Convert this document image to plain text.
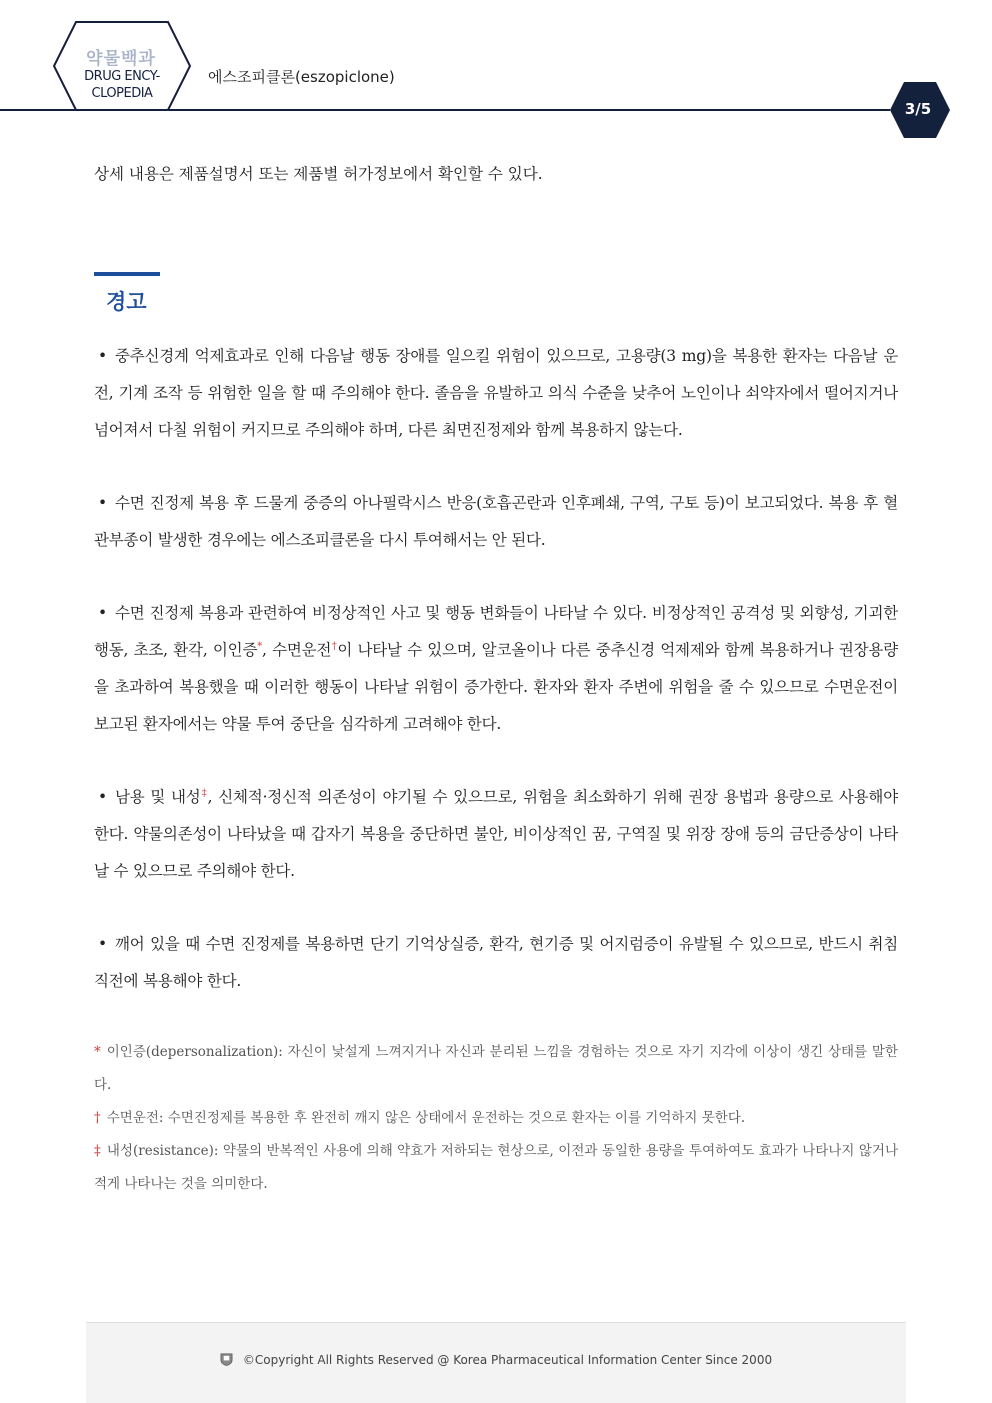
약물백과
DRUG ENCY-
CLOPEDIA
에스조피클론(eszopiclone)
3/5

상세 내용은 제품설명서 또는 제품별 허가정보에서 확인할 수 있다.

경고

• 중추신경계 억제효과로 인해 다음날 행동 장애를 일으킬 위험이 있으므로, 고용량(3 mg)을 복용한 환자는 다음날 운전, 기계 조작 등 위험한 일을 할 때 주의해야 한다. 졸음을 유발하고 의식 수준을 낮추어 노인이나 쇠약자에서 떨어지거나 넘어져서 다칠 위험이 커지므로 주의해야 하며, 다른 최면진정제와 함께 복용하지 않는다.

• 수면 진정제 복용 후 드물게 중증의 아나필락시스 반응(호흡곤란과 인후폐쇄, 구역, 구토 등)이 보고되었다. 복용 후 혈관부종이 발생한 경우에는 에스조피클론을 다시 투여해서는 안 된다.

• 수면 진정제 복용과 관련하여 비정상적인 사고 및 행동 변화들이 나타날 수 있다. 비정상적인 공격성 및 외향성, 기괴한 행동, 초조, 환각, 이인증*, 수면운전†이 나타날 수 있으며, 알코올이나 다른 중추신경 억제제와 함께 복용하거나 권장용량을 초과하여 복용했을 때 이러한 행동이 나타날 위험이 증가한다. 환자와 환자 주변에 위험을 줄 수 있으므로 수면운전이 보고된 환자에서는 약물 투여 중단을 심각하게 고려해야 한다.

• 남용 및 내성‡, 신체적·정신적 의존성이 야기될 수 있으므로, 위험을 최소화하기 위해 권장 용법과 용량으로 사용해야 한다. 약물의존성이 나타났을 때 갑자기 복용을 중단하면 불안, 비이상적인 꿈, 구역질 및 위장 장애 등의 금단증상이 나타날 수 있으므로 주의해야 한다.

• 깨어 있을 때 수면 진정제를 복용하면 단기 기억상실증, 환각, 현기증 및 어지럼증이 유발될 수 있으므로, 반드시 취침 직전에 복용해야 한다.

* 이인증(depersonalization): 자신이 낯설게 느껴지거나 자신과 분리된 느낌을 경험하는 것으로 자기 지각에 이상이 생긴 상태를 말한다.

† 수면운전: 수면진정제를 복용한 후 완전히 깨지 않은 상태에서 운전하는 것으로 환자는 이를 기억하지 못한다.

‡ 내성(resistance): 약물의 반복적인 사용에 의해 약효가 저하되는 현상으로, 이전과 동일한 용량을 투여하여도 효과가 나타나지 않거나 적게 나타나는 것을 의미한다.

©Copyright All Rights Reserved @ Korea Pharmaceutical Information Center Since 2000
